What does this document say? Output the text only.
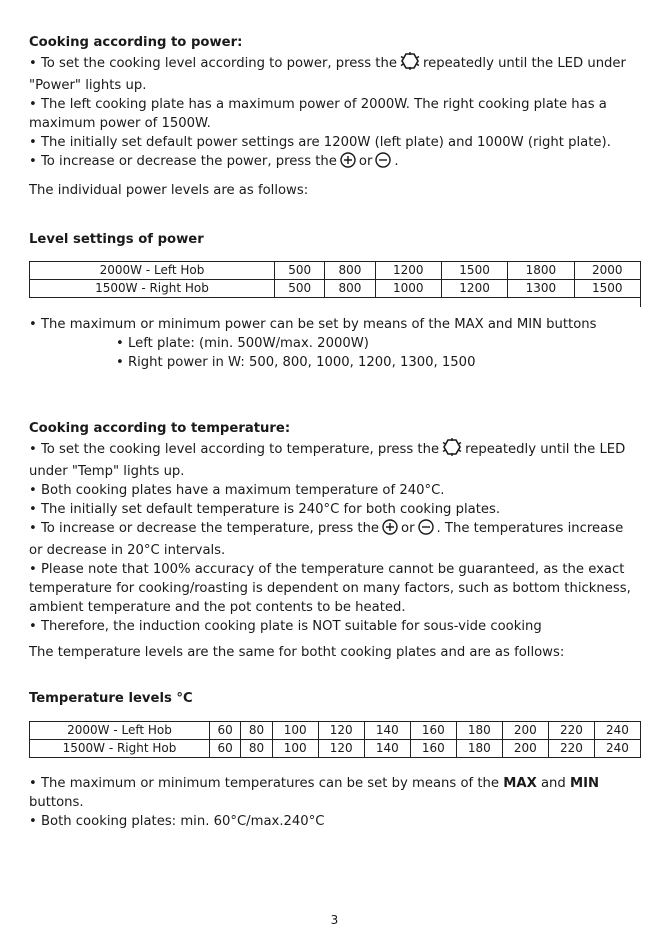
Cooking according to power:

• To set the cooking level according to power, press the repeatedly until the LED under

"Power" lights up.

• The left cooking plate has a maximum power of 2000W. The right cooking plate has a

maximum power of 1500W.

• The initially set default power settings are 1200W (left plate) and 1000W (right plate).

• To increase or decrease the power, press the or .

The individual power levels are as follows:

Level settings of power

2000W - Left Hob	500	800	1200	1500	1800	2000
1500W - Right Hob	500	800	1000	1200	1300	1500

• The maximum or minimum power can be set by means of the MAX and MIN buttons

• Left plate: (min. 500W/max. 2000W)

• Right power in W: 500, 800, 1000, 1200, 1300, 1500

Cooking according to temperature:

• To set the cooking level according to temperature, press the repeatedly until the LED

under "Temp" lights up.

• Both cooking plates have a maximum temperature of 240°C.

• The initially set default temperature is 240°C for both cooking plates.

• To increase or decrease the temperature, press the or . The temperatures increase

or decrease in 20°C intervals.

• Please note that 100% accuracy of the temperature cannot be guaranteed, as the exact

temperature for cooking/roasting is dependent on many factors, such as bottom thickness,

ambient temperature and the pot contents to be heated.

• Therefore, the induction cooking plate is NOT suitable for sous-vide cooking

The temperature levels are the same for botht cooking plates and are as follows:

Temperature levels °C

2000W - Left Hob	60	80	100	120	140	160	180	200	220	240
1500W - Right Hob	60	80	100	120	140	160	180	200	220	240

• The maximum or minimum temperatures can be set by means of the MAX and MIN

buttons.

• Both cooking plates: min. 60°C/max.240°C

3
